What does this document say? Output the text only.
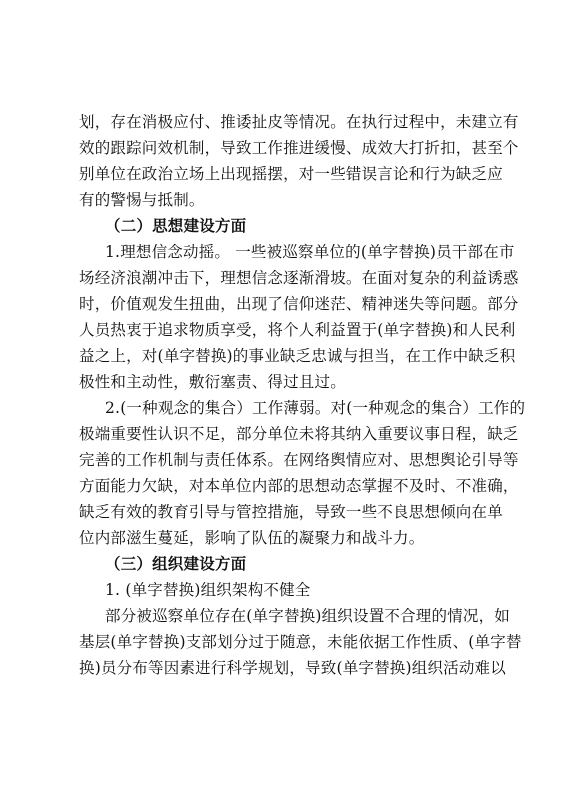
划，存在消极应付、推诿扯皮等情况。在执行过程中，未建立有
效的跟踪问效机制，导致工作推进缓慢、成效大打折扣，甚至个
别单位在政治立场上出现摇摆，对一些错误言论和行为缺乏应
有的警惕与抵制。
（二）思想建设方面
1.理想信念动摇。 一些被巡察单位的(单字替换)员干部在市
场经济浪潮冲击下，理想信念逐渐滑坡。在面对复杂的利益诱惑
时，价值观发生扭曲，出现了信仰迷茫、精神迷失等问题。部分
人员热衷于追求物质享受，将个人利益置于(单字替换)和人民利
益之上，对(单字替换)的事业缺乏忠诚与担当，在工作中缺乏积
极性和主动性，敷衍塞责、得过且过。
2.(一种观念的集合）工作薄弱。对(一种观念的集合）工作的
极端重要性认识不足，部分单位未将其纳入重要议事日程，缺乏
完善的工作机制与责任体系。在网络舆情应对、思想舆论引导等
方面能力欠缺，对本单位内部的思想动态掌握不及时、不准确，
缺乏有效的教育引导与管控措施，导致一些不良思想倾向在单
位内部滋生蔓延，影响了队伍的凝聚力和战斗力。
（三）组织建设方面
1. (单字替换)组织架构不健全
部分被巡察单位存在(单字替换)组织设置不合理的情况，如
基层(单字替换)支部划分过于随意，未能依据工作性质、(单字替
换)员分布等因素进行科学规划，导致(单字替换)组织活动难以
